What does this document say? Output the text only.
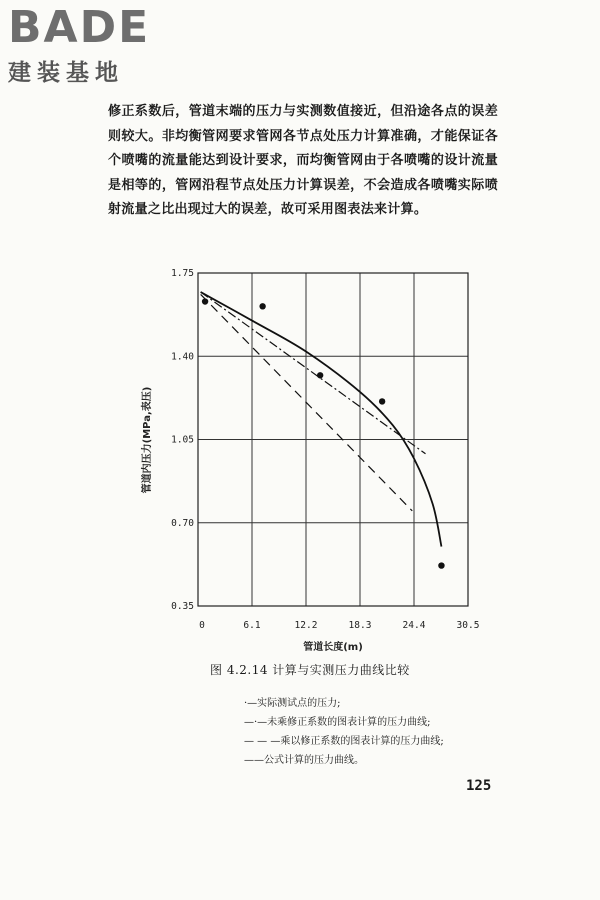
BADE
建装基地

修正系数后，管道末端的压力与实测数值接近，但沿途各点的误差则较大。非均衡管网要求管网各节点处压力计算准确，才能保证各个喷嘴的流量能达到设计要求，而均衡管网由于各喷嘴的设计流量是相等的，管网沿程节点处压力计算误差，不会造成各喷嘴实际喷射流量之比出现过大的误差，故可采用图表法来计算。

0	6.1	12.2	18.3	24.4	30.5
0.35
0.70
1.05
1.40
1.75
管道长度(m)
管道内压力(MPa,表压)
图 4.2.14 计算与实测压力曲线比较
·—实际测试点的压力;
—·—未乘修正系数的图表计算的压力曲线;
— — —乘以修正系数的图表计算的压力曲线;
——公式计算的压力曲线。
125
